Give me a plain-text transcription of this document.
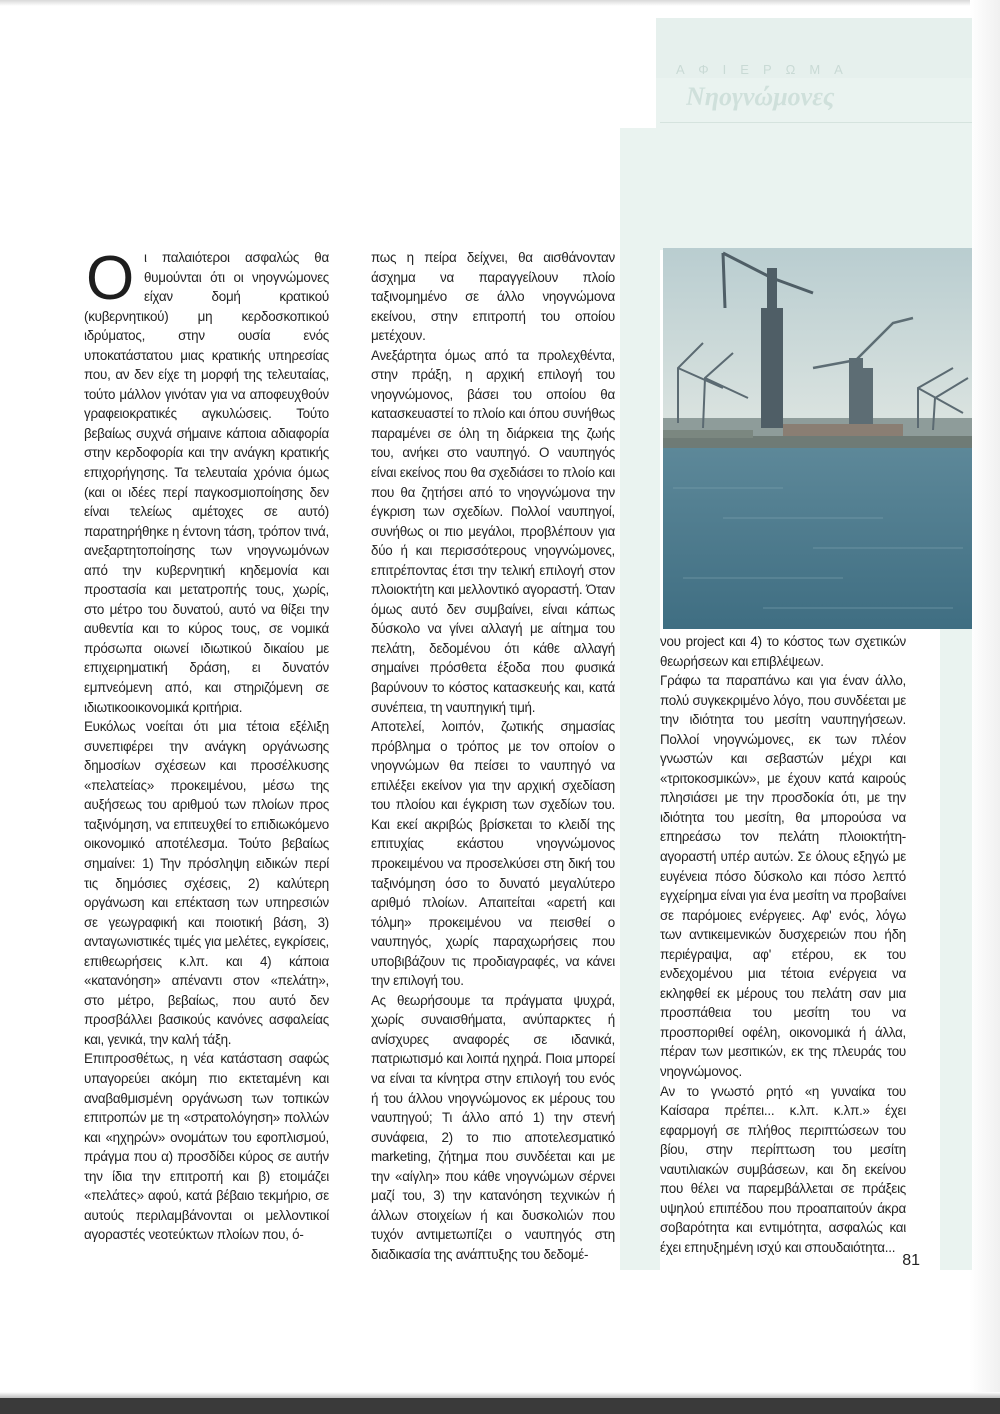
ΑΦΙΕΡΩΜΑ
Νηογνώμονες
Ο ι παλαιότεροι ασφαλώς θα θυμούνται ότι οι νηογνώμονες είχαν δομή κρατικού (κυβερνητικού) μη κερδοσκοπικού ιδρύματος, στην ουσία ενός υποκατάστατου μιας κρατικής υπηρεσίας που, αν δεν είχε τη μορφή της τελευταίας, τούτο μάλλον γινόταν για να αποφευχθούν γραφειοκρατικές αγκυλώσεις. Τούτο βεβαίως συχνά σήμαινε κάποια αδιαφορία στην κερδοφορία και την ανάγκη κρατικής επιχορήγησης. Τα τελευταία χρόνια όμως (και οι ιδέες περί παγκοσμιοποίησης δεν είναι τελείως αμέτοχες σε αυτό) παρατηρήθηκε η έντονη τάση, τρόπον τινά, ανεξαρτητοποίησης των νηογνωμόνων από την κυβερνητική κηδεμονία και προστασία και μετατροπής τους, χωρίς, στο μέτρο του δυνατού, αυτό να θίξει την αυθεντία και το κύρος τους, σε νομικά πρόσωπα οιωνεί ιδιωτικού δικαίου με επιχειρηματική δράση, ει δυνατόν εμπνεόμενη από, και στηριζόμενη σε ιδιωτικοοικονομικά κριτήρια.

Ευκόλως νοείται ότι μια τέτοια εξέλιξη συνεπιφέρει την ανάγκη οργάνωσης δημοσίων σχέσεων και προσέλκυσης «πελατείας» προκειμένου, μέσω της αυξήσεως του αριθμού των πλοίων προς ταξινόμηση, να επιτευχθεί το επιδιωκόμενο οικονομικό αποτέλεσμα. Τούτο βεβαίως σημαίνει: 1) Την πρόσληψη ειδικών περί τις δημόσιες σχέσεις, 2) καλύτερη οργάνωση και επέκταση των υπηρεσιών σε γεωγραφική και ποιοτική βάση, 3) ανταγωνιστικές τιμές για μελέτες, εγκρίσεις, επιθεωρήσεις κ.λπ. και 4) κάποια «κατανόηση» απέναντι στον «πελάτη», στο μέτρο, βεβαίως, που αυτό δεν προσβάλλει βασικούς κανόνες ασφαλείας και, γενικά, την καλή τάξη.

Επιπροσθέτως, η νέα κατάσταση σαφώς υπαγορεύει ακόμη πιο εκτεταμένη και αναβαθμισμένη οργάνωση των τοπικών επιτροπών με τη «στρατολόγηση» πολλών και «ηχηρών» ονομάτων του εφοπλισμού, πράγμα που α) προσδίδει κύρος σε αυτήν την ίδια την επιτροπή και β) ετοιμάζει «πελάτες» αφού, κατά βέβαιο τεκμήριο, σε αυτούς περιλαμβάνονται οι μελλοντικοί αγοραστές νεοτεύκτων πλοίων που, ό-

πως η πείρα δείχνει, θα αισθάνονταν άσχημα να παραγγείλουν πλοίο ταξινομημένο σε άλλο νηογνώμονα εκείνου, στην επιτροπή του οποίου μετέχουν.

Ανεξάρτητα όμως από τα προλεχθέντα, στην πράξη, η αρχική επιλογή του νηογνώμονος, βάσει του οποίου θα κατασκευαστεί το πλοίο και όπου συνήθως παραμένει σε όλη τη διάρκεια της ζωής του, ανήκει στο ναυπηγό. Ο ναυπηγός είναι εκείνος που θα σχεδιάσει το πλοίο και που θα ζητήσει από το νηογνώμονα την έγκριση των σχεδίων. Πολλοί ναυπηγοί, συνήθως οι πιο μεγάλοι, προβλέπουν για δύο ή και περισσότερους νηογνώμονες, επιτρέποντας έτσι την τελική επιλογή στον πλοιοκτήτη και μελλοντικό αγοραστή. Όταν όμως αυτό δεν συμβαίνει, είναι κάπως δύσκολο να γίνει αλλαγή με αίτημα του πελάτη, δεδομένου ότι κάθε αλλαγή σημαίνει πρόσθετα έξοδα που φυσικά βαρύνουν το κόστος κατασκευής και, κατά συνέπεια, τη ναυπηγική τιμή.

Αποτελεί, λοιπόν, ζωτικής σημασίας πρόβλημα ο τρόπος με τον οποίον ο νηογνώμων θα πείσει το ναυπηγό να επιλέξει εκείνον για την αρχική σχεδίαση του πλοίου και έγκριση των σχεδίων του. Και εκεί ακριβώς βρίσκεται το κλειδί της επιτυχίας εκάστου νηογνώμονος προκειμένου να προσελκύσει στη δική του ταξινόμηση όσο το δυνατό μεγαλύτερο αριθμό πλοίων. Απαιτείται «αρετή και τόλμη» προκειμένου να πεισθεί ο ναυπηγός, χωρίς παραχωρήσεις που υποβιβάζουν τις προδιαγραφές, να κάνει την επιλογή του.

Ας θεωρήσουμε τα πράγματα ψυχρά, χωρίς συναισθήματα, ανύπαρκτες ή ανίσχυρες αναφορές σε ιδανικά, πατριωτισμό και λοιπά ηχηρά. Ποια μπορεί να είναι τα κίνητρα στην επιλογή του ενός ή του άλλου νηογνώμονος εκ μέρους του ναυπηγού; Τι άλλο από 1) την στενή συνάφεια, 2) το πιο αποτελεσματικό marketing, ζήτημα που συνδέεται και με την «αίγλη» που κάθε νηογνώμων σέρνει μαζί του, 3) την κατανόηση τεχνικών ή άλλων στοιχείων ή και δυσκολιών που τυχόν αντιμετωπίζει ο ναυπηγός στη διαδικασία της ανάπτυξης του δεδομέ-

νου project και 4) το κόστος των σχετικών θεωρήσεων και επιβλέψεων.

Γράφω τα παραπάνω και για έναν άλλο, πολύ συγκεκριμένο λόγο, που συνδέεται με την ιδιότητα του μεσίτη ναυπηγήσεων. Πολλοί νηογνώμονες, εκ των πλέον γνωστών και σεβαστών μέχρι και «τριτοκοσμικών», με έχουν κατά καιρούς πλησιάσει με την προσδοκία ότι, με την ιδιότητα του μεσίτη, θα μπορούσα να επηρεάσω τον πελάτη πλοιοκτήτη-αγοραστή υπέρ αυτών. Σε όλους εξηγώ με ευγένεια πόσο δύσκολο και πόσο λεπτό εγχείρημα είναι για ένα μεσίτη να προβαίνει σε παρόμοιες ενέργειες. Αφ' ενός, λόγω των αντικειμενικών δυσχερειών που ήδη περιέγραψα, αφ' ετέρου, εκ του ενδεχομένου μια τέτοια ενέργεια να εκληφθεί εκ μέρους του πελάτη σαν μια προσπάθεια του μεσίτη του να προσποριθεί οφέλη, οικονομικά ή άλλα, πέραν των μεσιτικών, εκ της πλευράς του νηογνώμονος.

Αν το γνωστό ρητό «η γυναίκα του Καίσαρα πρέπει... κ.λπ. κ.λπ.» έχει εφαρμογή σε πλήθος περιπτώσεων του βίου, στην περίπτωση του μεσίτη ναυτιλιακών συμβάσεων, και δη εκείνου που θέλει να παρεμβάλλεται σε πράξεις υψηλού επιπέδου που προαπαιτούν άκρα σοβαρότητα και εντιμότητα, ασφαλώς και έχει επηυξημένη ισχύ και σπουδαιότητα...

81
